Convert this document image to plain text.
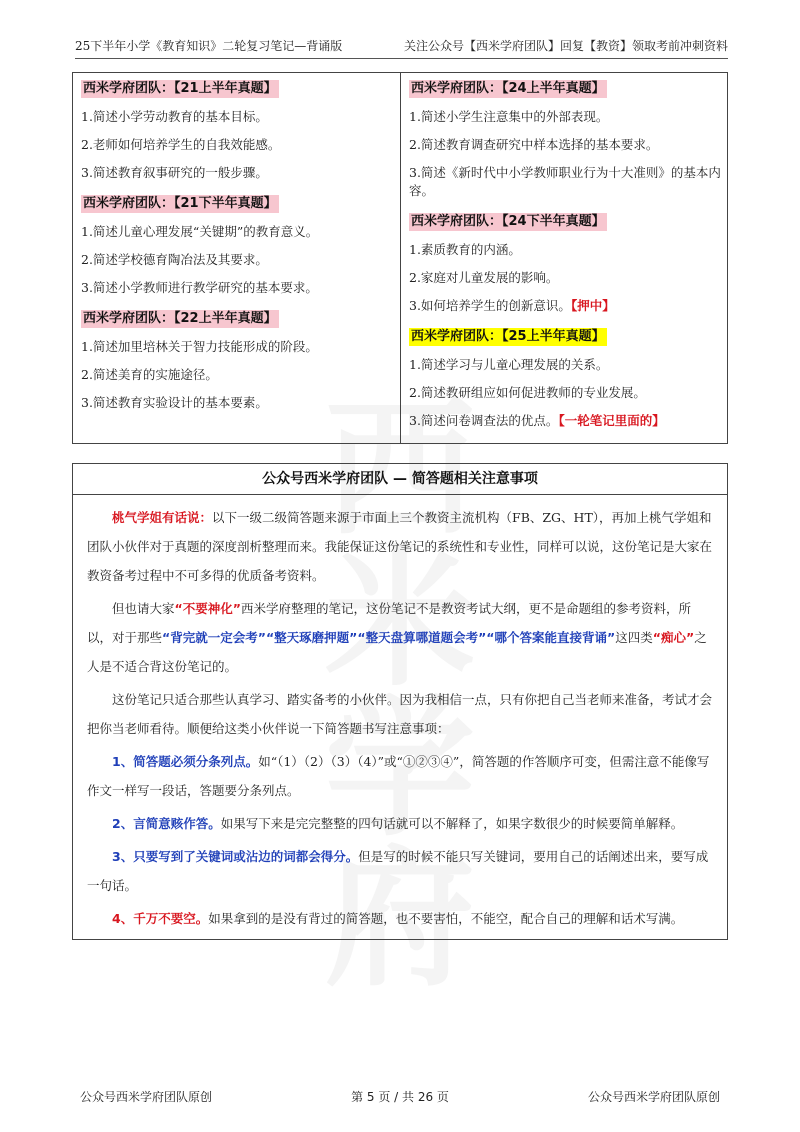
25下半年小学《教育知识》二轮复习笔记—背诵版	关注公众号【西米学府团队】回复【教资】领取考前冲刺资料
西米学府团队：【21上半年真题】
1.简述小学劳动教育的基本目标。
2.老师如何培养学生的自我效能感。
3.简述教育叙事研究的一般步骤。
西米学府团队：【21下半年真题】
1.简述儿童心理发展“关键期”的教育意义。
2.简述学校德育陶冶法及其要求。
3.简述小学教师进行教学研究的基本要求。
西米学府团队：【22上半年真题】
1.简述加里培林关于智力技能形成的阶段。
2.简述美育的实施途径。
3.简述教育实验设计的基本要素。
西米学府团队：【24上半年真题】
1.简述小学生注意集中的外部表现。
2.简述教育调查研究中样本选择的基本要求。
3.简述《新时代中小学教师职业行为十大准则》的基本内容。
西米学府团队：【24下半年真题】
1.素质教育的内涵。
2.家庭对儿童发展的影响。
3.如何培养学生的创新意识。【押中】
西米学府团队：【25上半年真题】
1.简述学习与儿童心理发展的关系。
2.简述教研组应如何促进教师的专业发展。
3.简述问卷调查法的优点。【一轮笔记里面的】
公众号西米学府团队 — 简答题相关注意事项

桃气学姐有话说：以下一级二级简答题来源于市面上三个教资主流机构（FB、ZG、HT），再加上桃气学姐和团队小伙伴对于真题的深度剖析整理而来。我能保证这份笔记的系统性和专业性，同样可以说，这份笔记是大家在教资备考过程中不可多得的优质备考资料。

但也请大家“不要神化”西米学府整理的笔记，这份笔记不是教资考试大纲，更不是命题组的参考资料，所以，对于那些“背完就一定会考”“整天琢磨押题”“整天盘算哪道题会考”“哪个答案能直接背诵”这四类“痴心”之人是不适合背这份笔记的。

这份笔记只适合那些认真学习、踏实备考的小伙伴。因为我相信一点，只有你把自己当老师来准备，考试才会把你当老师看待。顺便给这类小伙伴说一下简答题书写注意事项：

1、简答题必须分条列点。如“（1）（2）（3）（4）”或“①②③④”，简答题的作答顺序可变，但需注意不能像写作文一样写一段话，答题要分条列点。

2、言简意赅作答。如果写下来是完完整整的四句话就可以不解释了，如果字数很少的时候要简单解释。

3、只要写到了关键词或沾边的词都会得分。但是写的时候不能只写关键词，要用自己的话阐述出来，要写成一句话。

4、千万不要空。如果拿到的是没有背过的简答题，也不要害怕，不能空，配合自己的理解和话术写满。

公众号西米学府团队原创	第 5 页 / 共 26 页	公众号西米学府团队原创
